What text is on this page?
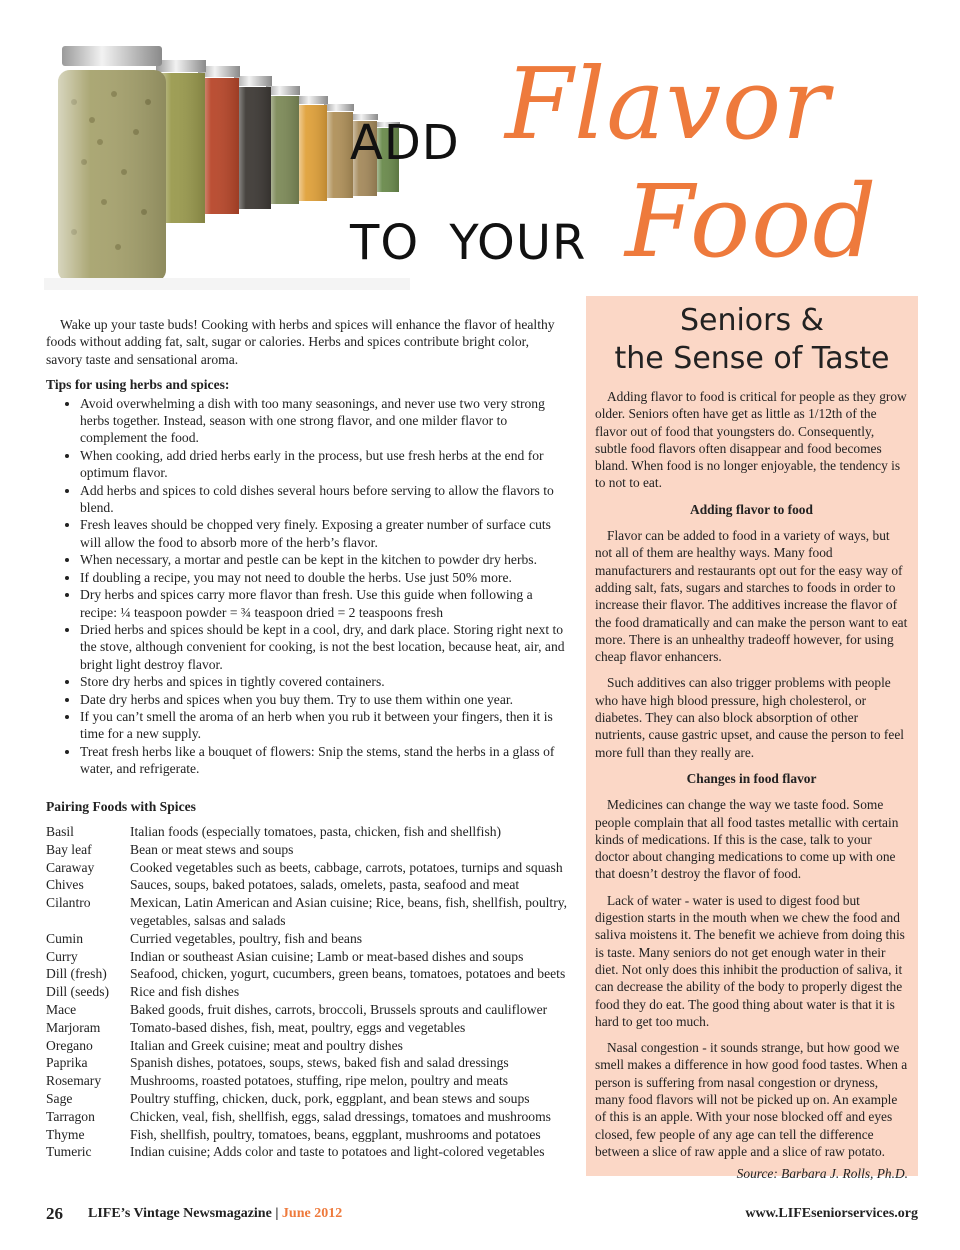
ADD Flavor
TO YOUR Food

Wake up your taste buds! Cooking with herbs and spices will enhance the flavor of healthy foods without adding fat, salt, sugar or calories. Herbs and spices contribute bright color, savory taste and sensational aroma.

Tips for using herbs and spices:

• Avoid overwhelming a dish with too many seasonings, and never use two very strong herbs together. Instead, season with one strong flavor, and one milder flavor to complement the food.
• When cooking, add dried herbs early in the process, but use fresh herbs at the end for optimum flavor.
• Add herbs and spices to cold dishes several hours before serving to allow the flavors to blend.
• Fresh leaves should be chopped very finely. Exposing a greater number of surface cuts will allow the food to absorb more of the herb’s flavor.
• When necessary, a mortar and pestle can be kept in the kitchen to powder dry herbs.
• If doubling a recipe, you may not need to double the herbs. Use just 50% more.
• Dry herbs and spices carry more flavor than fresh. Use this guide when following a recipe: ¼ teaspoon powder = ¾ teaspoon dried = 2 teaspoons fresh
• Dried herbs and spices should be kept in a cool, dry, and dark place. Storing right next to the stove, although convenient for cooking, is not the best location, because heat, air, and bright light destroy flavor.
• Store dry herbs and spices in tightly covered containers.
• Date dry herbs and spices when you buy them. Try to use them within one year.
• If you can’t smell the aroma of an herb when you rub it between your fingers, then it is time for a new supply.
• Treat fresh herbs like a bouquet of flowers: Snip the stems, stand the herbs in a glass of water, and refrigerate.

Pairing Foods with Spices

Basil	Italian foods (especially tomatoes, pasta, chicken, fish and shellfish)
Bay leaf	Bean or meat stews and soups
Caraway	Cooked vegetables such as beets, cabbage, carrots, potatoes, turnips and squash
Chives	Sauces, soups, baked potatoes, salads, omelets, pasta, seafood and meat
Cilantro	Mexican, Latin American and Asian cuisine; Rice, beans, fish, shellfish, poultry, vegetables, salsas and salads
Cumin	Curried vegetables, poultry, fish and beans
Curry	Indian or southeast Asian cuisine; Lamb or meat-based dishes and soups
Dill (fresh)	Seafood, chicken, yogurt, cucumbers, green beans, tomatoes, potatoes and beets
Dill (seeds)	Rice and fish dishes
Mace	Baked goods, fruit dishes, carrots, broccoli, Brussels sprouts and cauliflower
Marjoram	Tomato-based dishes, fish, meat, poultry, eggs and vegetables
Oregano	Italian and Greek cuisine; meat and poultry dishes
Paprika	Spanish dishes, potatoes, soups, stews, baked fish and salad dressings
Rosemary	Mushrooms, roasted potatoes, stuffing, ripe melon, poultry and meats
Sage	Poultry stuffing, chicken, duck, pork, eggplant, and bean stews and soups
Tarragon	Chicken, veal, fish, shellfish, eggs, salad dressings, tomatoes and mushrooms
Thyme	Fish, shellfish, poultry, tomatoes, beans, eggplant, mushrooms and potatoes
Tumeric	Indian cuisine; Adds color and taste to potatoes and light-colored vegetables
Seniors &
the Sense of Taste

Adding flavor to food is critical for people as they grow older. Seniors often have get as little as 1/12th of the flavor out of food that youngsters do. Consequently, subtle food flavors often disappear and food becomes bland. When food is no longer enjoyable, the tendency is to not to eat.

Adding flavor to food

Flavor can be added to food in a variety of ways, but not all of them are healthy ways. Many food manufacturers and restaurants opt out for the easy way of adding salt, fats, sugars and starches to foods in order to increase their flavor. The additives increase the flavor of the food dramatically and can make the person want to eat more. There is an unhealthy tradeoff however, for using cheap flavor enhancers.

Such additives can also trigger problems with people who have high blood pressure, high cholesterol, or diabetes. They can also block absorption of other nutrients, cause gastric upset, and cause the person to feel more full than they really are.

Changes in food flavor

Medicines can change the way we taste food. Some people complain that all food tastes metallic with certain kinds of medications. If this is the case, talk to your doctor about changing medications to come up with one that doesn’t destroy the flavor of food.

Lack of water - water is used to digest food but digestion starts in the mouth when we chew the food and saliva moistens it. The benefit we achieve from doing this is taste. Many seniors do not get enough water in their diet. Not only does this inhibit the production of saliva, it can decrease the ability of the body to properly digest the food they do eat. The good thing about water is that it is hard to get too much.

Nasal congestion - it sounds strange, but how good we smell makes a difference in how good food tastes. When a person is suffering from nasal congestion or dryness, many food flavors will not be picked up on. An example of this is an apple. With your nose blocked off and eyes closed, few people of any age can tell the difference between a slice of raw apple and a slice of raw potato.

Source: Barbara J. Rolls, Ph.D.

26 LIFE’s Vintage Newsmagazine | June 2012	www.LIFEseniorservices.org
